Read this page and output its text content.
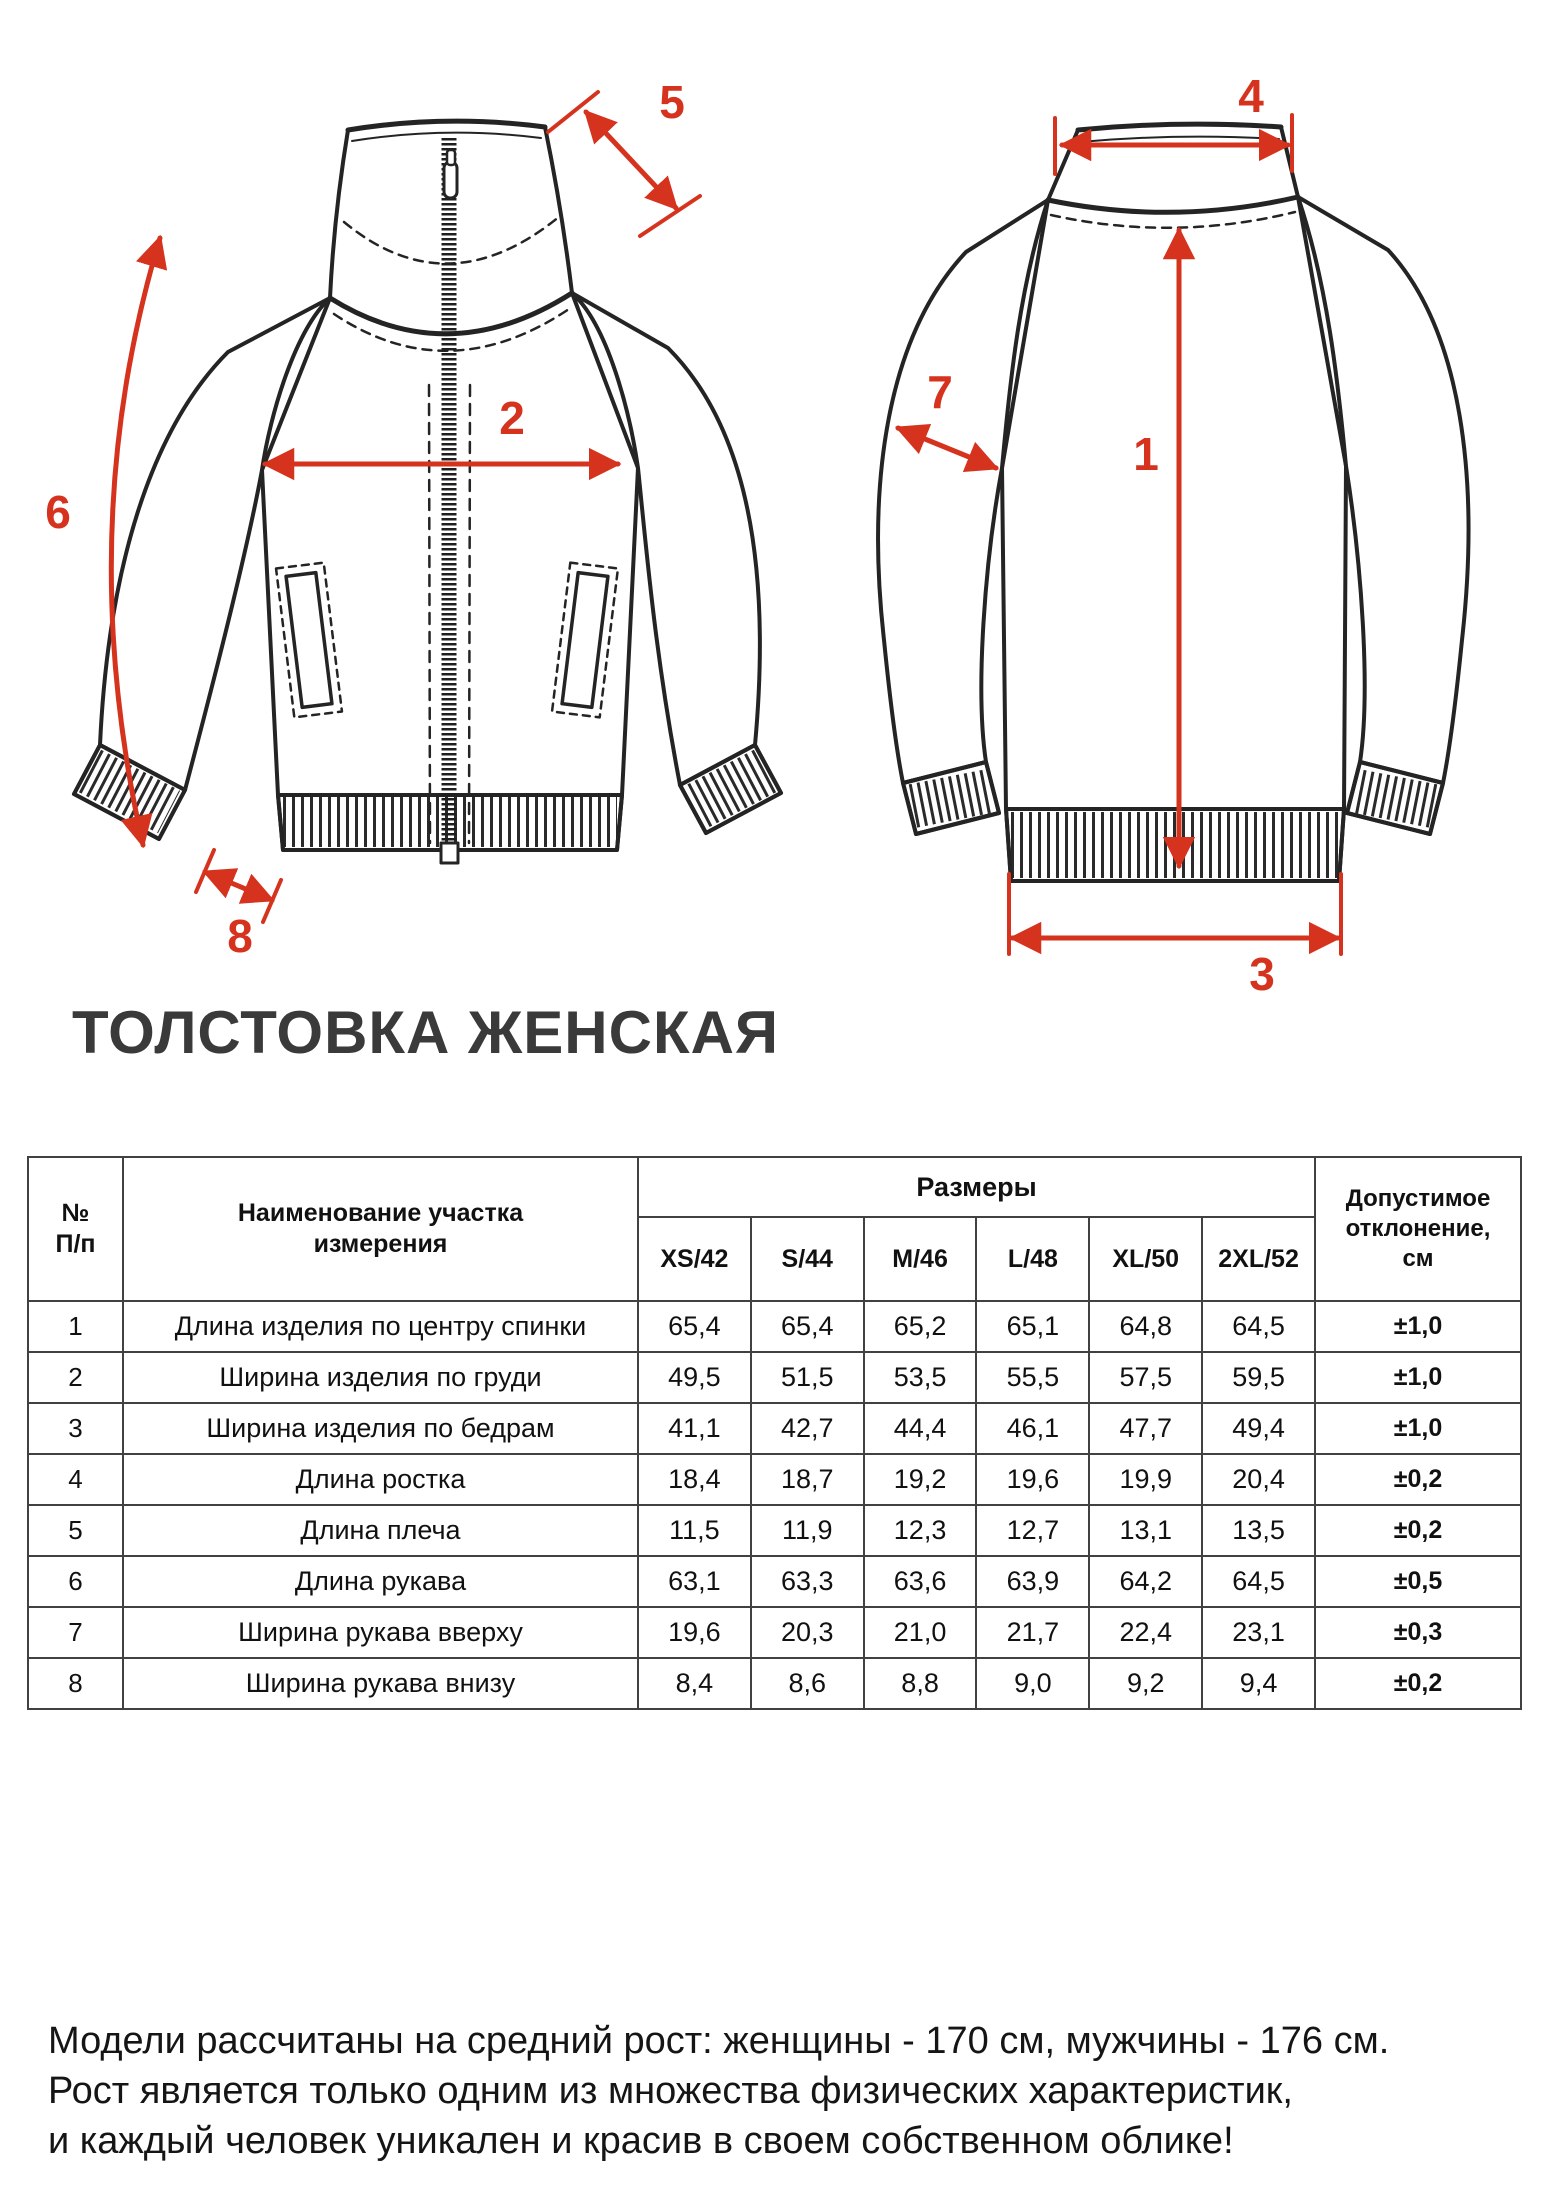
5
2
6
8
4
1
7
3
ТОЛСТОВКА ЖЕНСКАЯ
№
П/п

Наименование участка
измерения
	Размеры	Допустимое
отклонение,
см

		XS/42	S/44	M/46	L/48	XL/50	2XL/52	
1	Длина изделия по центру спинки	65,4	65,4	65,2	65,1	64,8	64,5	±1,0
2	Ширина изделия по груди	49,5	51,5	53,5	55,5	57,5	59,5	±1,0
3	Ширина изделия по бедрам	41,1	42,7	44,4	46,1	47,7	49,4	±1,0
4	Длина ростка	18,4	18,7	19,2	19,6	19,9	20,4	±0,2
5	Длина плеча	11,5	11,9	12,3	12,7	13,1	13,5	±0,2
6	Длина рукава	63,1	63,3	63,6	63,9	64,2	64,5	±0,5
7	Ширина рукава вверху	19,6	20,3	21,0	21,7	22,4	23,1	±0,3
8	Ширина рукава внизу	8,4	8,6	8,8	9,0	9,2	9,4	±0,2
Модели рассчитаны на средний рост: женщины - 170 см, мужчины - 176 см.
Рост является только одним из множества физических характеристик,
и каждый человек уникален и красив в своем собственном облике!
